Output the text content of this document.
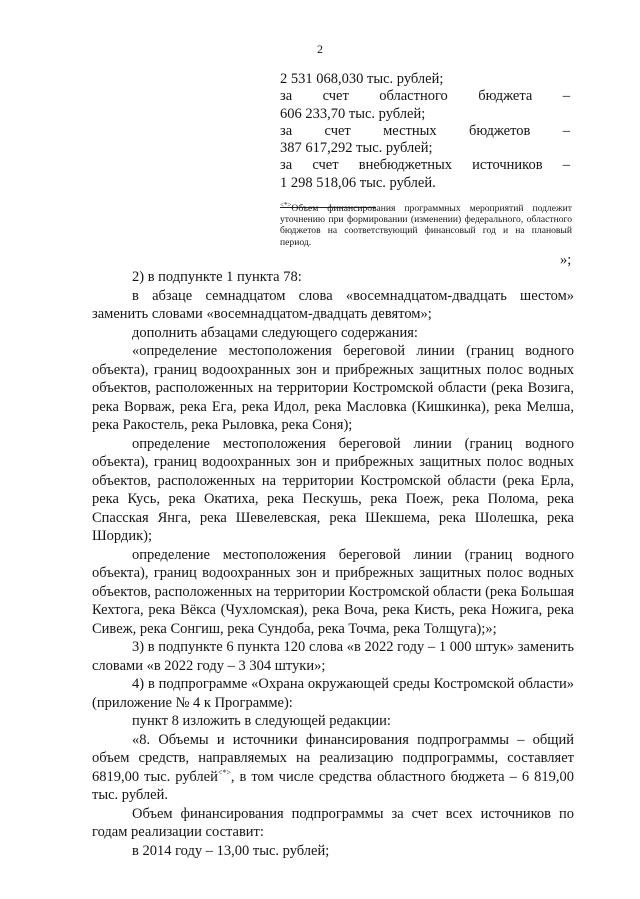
2
2 531 068,030 тыс. рублей;
за счет областного бюджета –
606 233,70 тыс. рублей;
за счет местных бюджетов –
387 617,292 тыс. рублей;
за счет внебюджетных источников –
1 298 518,06 тыс. рублей.
<*>Объем финансирования программных мероприятий подлежит уточнению при формировании (изменении) федерального, областного бюджетов на соответствующий финансовый год и на плановый период.
»;

2) в подпункте 1 пункта 78:

в абзаце семнадцатом слова «восемнадцатом-двадцать шестом» заменить словами «восемнадцатом-двадцать девятом»;

дополнить абзацами следующего содержания:

«определение местоположения береговой линии (границ водного объекта), границ водоохранных зон и прибрежных защитных полос водных объектов, расположенных на территории Костромской области (река Возига, река Ворваж, река Ега, река Идол, река Масловка (Кишкинка), река Мелша, река Ракостель, река Рыловка, река Соня);

определение местоположения береговой линии (границ водного объекта), границ водоохранных зон и прибрежных защитных полос водных объектов, расположенных на территории Костромской области (река Ерла, река Кусь, река Окатиха, река Пескушь, река Поеж, река Полома, река Спасская Янга, река Шевелевская, река Шекшема, река Шолешка, река Шордик);

определение местоположения береговой линии (границ водного объекта), границ водоохранных зон и прибрежных защитных полос водных объектов, расположенных на территории Костромской области (река Большая Кехтога, река Вёкса (Чухломская), река Воча, река Кисть, река Ножига, река Сивеж, река Сонгиш, река Сундоба, река Точма, река Толщуга);»;

3) в подпункте 6 пункта 120 слова «в 2022 году – 1 000 штук» заменить словами «в 2022 году – 3 304 штуки»;

4) в подпрограмме «Охрана окружающей среды Костромской области» (приложение № 4 к Программе):

пункт 8 изложить в следующей редакции:

«8. Объемы и источники финансирования подпрограммы – общий объем средств, направляемых на реализацию подпрограммы, составляет 6819,00 тыс. рублей<*>, в том числе средства областного бюджета – 6 819,00 тыс. рублей.

Объем финансирования подпрограммы за счет всех источников по годам реализации составит:

в 2014 году – 13,00 тыс. рублей;
